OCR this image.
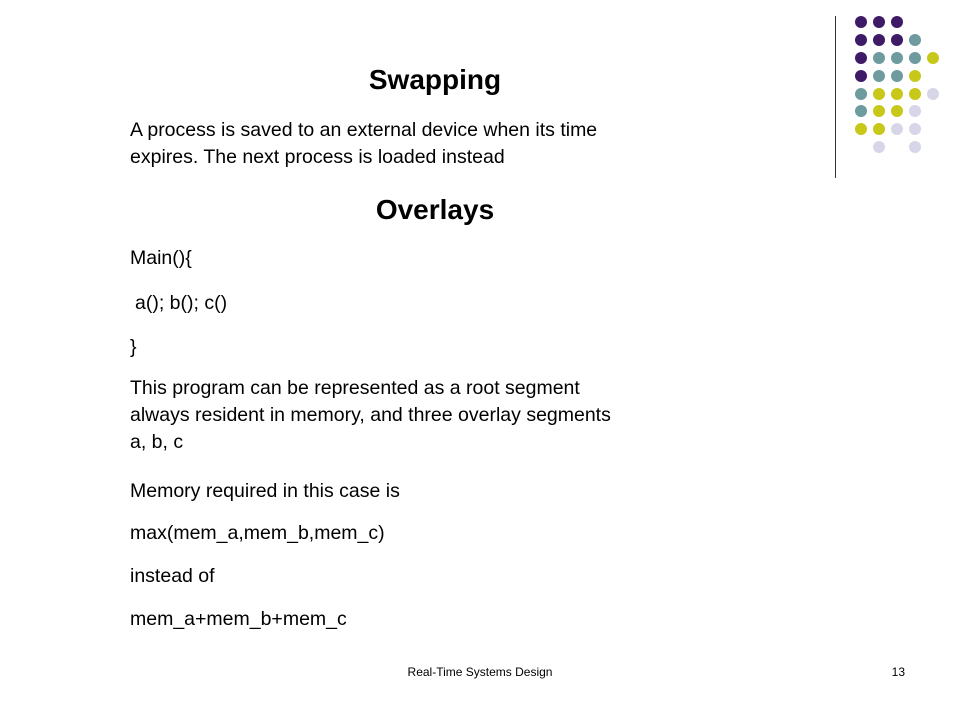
Swapping
A process is saved to an external device when its time
expires. The next process is loaded instead
Overlays
Main(){
a(); b(); c()
}
This program can be represented as a root segment
always resident in memory, and three overlay segments
a, b, c
Memory required in this case is
max(mem_a,mem_b,mem_c)
instead of
mem_a+mem_b+mem_c
Real-Time Systems Design	13
